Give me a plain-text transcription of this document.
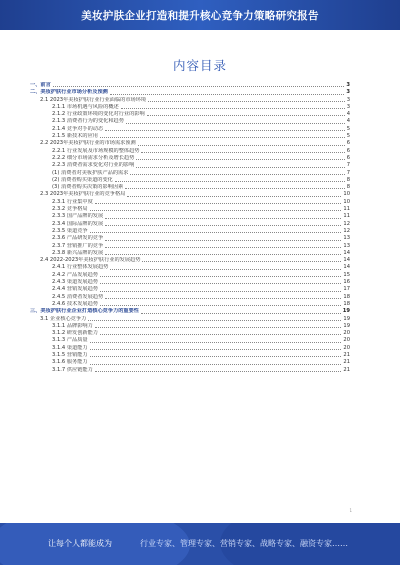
美妆护肤企业打造和提升核心竞争力策略研究报告
内容目录
一、前言	3
二、美妆护肤行业市场分析及预测	3
2.1 2023年美妆护肤行业行业面临的市场环境	3
2.1.1 市场机遇与风险的概述	3
2.1.2 行业政策环境的变化对行业的影响	4
2.1.3 消费者行为的变化和趋势	4
2.1.4 竞争对手的动态	5
2.1.5 新技术的应用	5
2.2 2023年美妆护肤行业的市场需求预测	6
2.2.1 行业发展及市场规模的整体趋势	6
2.2.2 细分市场需求分析及增长趋势	6
2.2.3 消费者需求变化对行业的影响	7
(1) 消费者对美妆护肤产品的需求	7
(2) 消费者购买渠道的变化	8
(3) 消费者购买决策的影响因素	8
2.3 2023年美妆护肤行业的竞争格局	10
2.3.1 行业集中度	10
2.3.2 竞争格局	11
2.3.3 国产品牌的发展	11
2.3.4 国际品牌的发展	12
2.3.5 渠道竞争	12
2.3.6 产品研发的竞争	13
2.3.7 营销推广的竞争	13
2.3.8 新兴品牌的发展	14
2.4 2022-2023年美妆护肤行业的发展趋势	14
2.4.1 行业整体发展趋势	14
2.4.2 产品发展趋势	15
2.4.3 渠道发展趋势	16
2.4.4 营销发展趋势	17
2.4.5 消费者发展趋势	18
2.4.6 技术发展趋势	18
三、美妆护肤行业企业打造核心竞争力的重要性	19
3.1 企业核心竞争力	19
3.1.1 品牌影响力	19
3.1.2 研发创新能力	20
3.1.3 产品质量	20
3.1.4 渠道能力	20
3.1.5 营销能力	21
3.1.6 服务能力	21
3.1.7 供应链能力	21
1
让每个人都能成为	行业专家、管理专家、营销专家、战略专家、融资专家……
